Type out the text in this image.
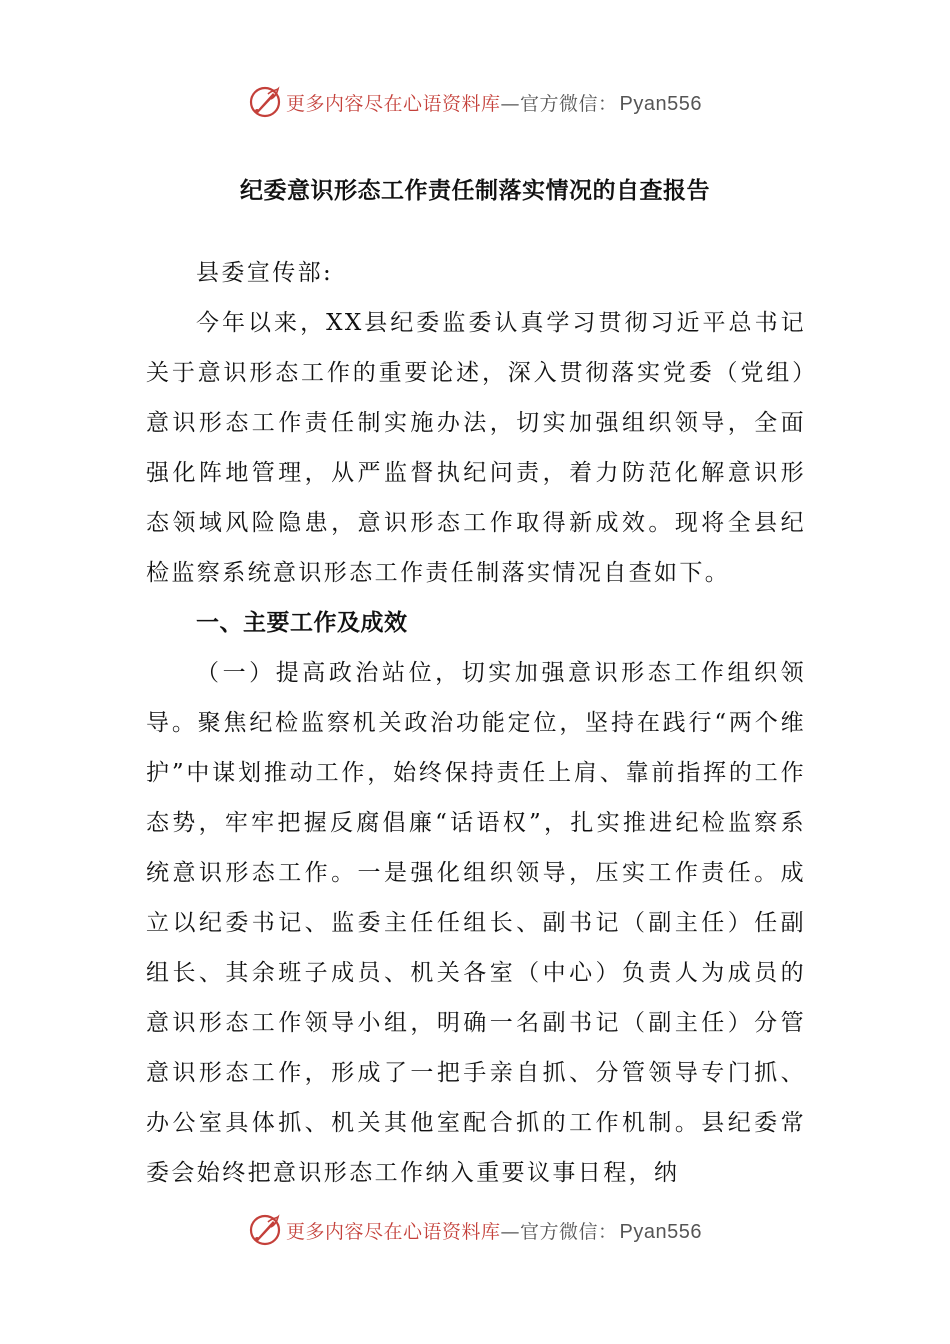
更多内容尽在心语资料库—官方微信： Pyan556
纪委意识形态工作责任制落实情况的自查报告

县委宣传部:

今年以来，XX县纪委监委认真学习贯彻习近平总书记关于意识形态工作的重要论述，深入贯彻落实党委（党组）意识形态工作责任制实施办法，切实加强组织领导，全面强化阵地管理，从严监督执纪问责，着力防范化解意识形态领域风险隐患，意识形态工作取得新成效。现将全县纪检监察系统意识形态工作责任制落实情况自查如下。

一、主要工作及成效

（一）提高政治站位，切实加强意识形态工作组织领导。聚焦纪检监察机关政治功能定位，坚持在践行“两个维护”中谋划推动工作，始终保持责任上肩、靠前指挥的工作态势，牢牢把握反腐倡廉“话语权”，扎实推进纪检监察系统意识形态工作。一是强化组织领导，压实工作责任。成立以纪委书记、监委主任任组长、副书记（副主任）任副组长、其余班子成员、机关各室（中心）负责人为成员的意识形态工作领导小组，明确一名副书记（副主任）分管意识形态工作，形成了一把手亲自抓、分管领导专门抓、办公室具体抓、机关其他室配合抓的工作机制。县纪委常委会始终把意识形态工作纳入重要议事日程，纳

更多内容尽在心语资料库—官方微信： Pyan556
